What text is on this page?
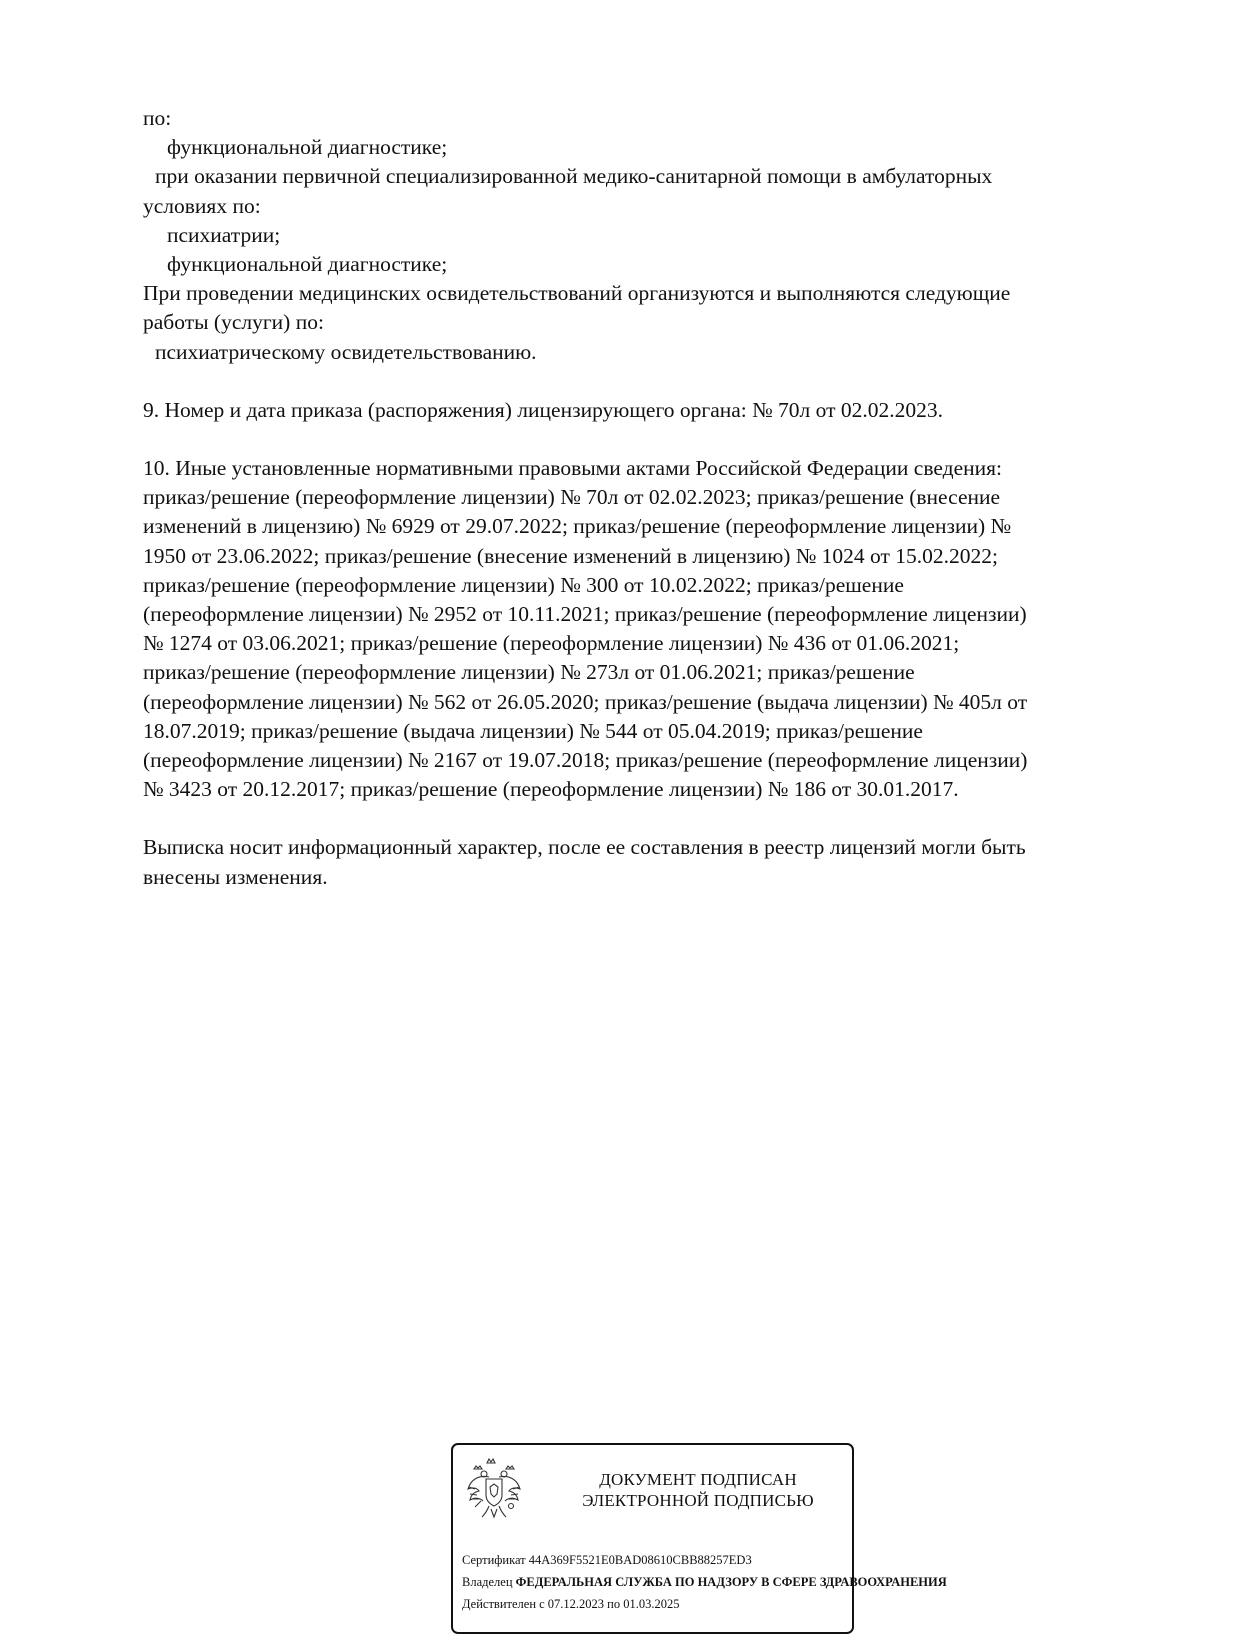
по:
функциональной диагностике;
при оказании первичной специализированной медико-санитарной помощи в амбулаторных
условиях по:
психиатрии;
функциональной диагностике;
При проведении медицинских освидетельствований организуются и выполняются следующие
работы (услуги) по:
психиатрическому освидетельствованию.
9. Номер и дата приказа (распоряжения) лицензирующего органа: № 70л от 02.02.2023.
10. Иные установленные нормативными правовыми актами Российской Федерации сведения:
приказ/решение (переоформление лицензии) № 70л от 02.02.2023; приказ/решение (внесение
изменений в лицензию) № 6929 от 29.07.2022; приказ/решение (переоформление лицензии) №
1950 от 23.06.2022; приказ/решение (внесение изменений в лицензию) № 1024 от 15.02.2022;
приказ/решение (переоформление лицензии) № 300 от 10.02.2022; приказ/решение
(переоформление лицензии) № 2952 от 10.11.2021; приказ/решение (переоформление лицензии)
№ 1274 от 03.06.2021; приказ/решение (переоформление лицензии) № 436 от 01.06.2021;
приказ/решение (переоформление лицензии) № 273л от 01.06.2021; приказ/решение
(переоформление лицензии) № 562 от 26.05.2020; приказ/решение (выдача лицензии) № 405л от
18.07.2019; приказ/решение (выдача лицензии) № 544 от 05.04.2019; приказ/решение
(переоформление лицензии) № 2167 от 19.07.2018; приказ/решение (переоформление лицензии)
№ 3423 от 20.12.2017; приказ/решение (переоформление лицензии) № 186 от 30.01.2017.
Выписка носит информационный характер, после ее составления в реестр лицензий могли быть
внесены изменения.
ДОКУМЕНТ ПОДПИСАН
ЭЛЕКТРОННОЙ ПОДПИСЬЮ
Сертификат 44A369F5521E0BAD08610CBB88257ED3
Владелец ФЕДЕРАЛЬНАЯ СЛУЖБА ПО НАДЗОРУ В СФЕРЕ ЗДРАВООХРАНЕНИЯ
Действителен с 07.12.2023 по 01.03.2025
